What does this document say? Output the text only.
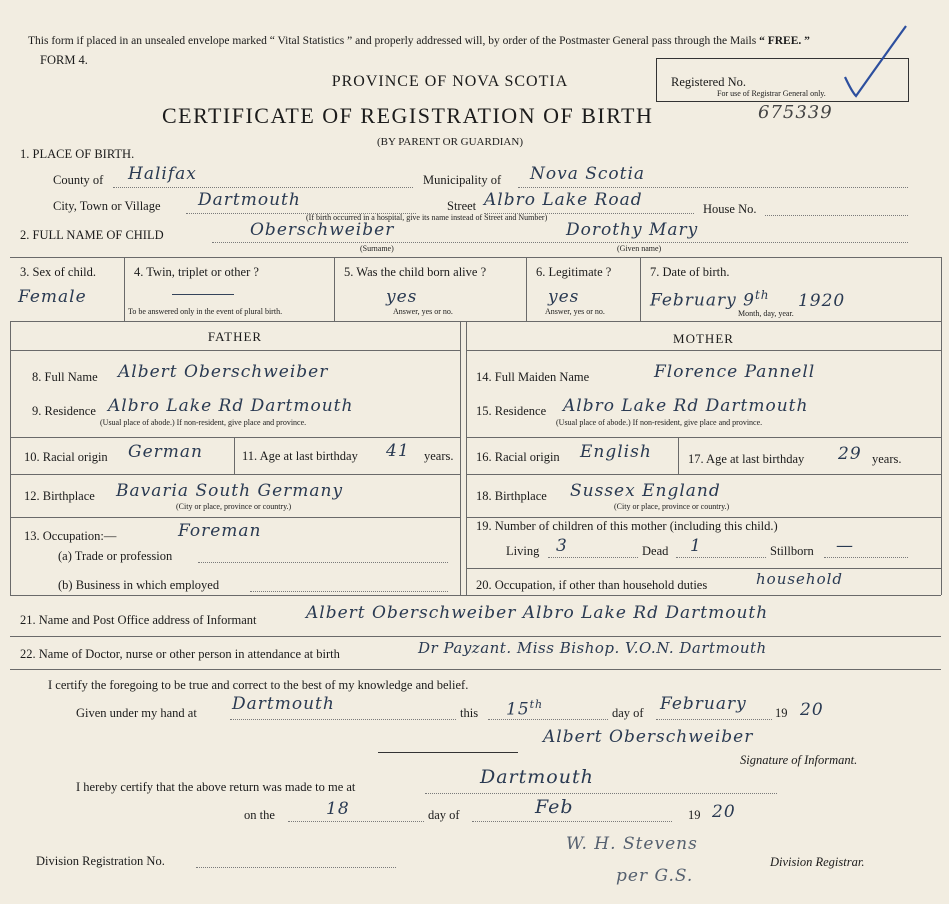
This form if placed in an unsealed envelope marked “ Vital Statistics ” and properly addressed will, by order of the Postmaster General pass through the Mails “ FREE. ”
FORM 4.
PROVINCE OF NOVA SCOTIA
CERTIFICATE OF REGISTRATION OF BIRTH	675339
(BY PARENT OR GUARDIAN)
Registered No.
For use of Registrar General only.
1. PLACE OF BIRTH.
County of Halifax	Municipality of Nova Scotia
City, Town or Village Dartmouth	Street Albro Lake Road	House No.
(If birth occurred in a hospital, give its name instead of Street and Number)
2. FULL NAME OF CHILD	Oberschweiber	Dorothy Mary
(Surname)	(Given name)
3. Sex of child.
Female
4. Twin, triplet or other ?
To be answered only in the event of plural birth.
5. Was the child born alive ?
yes
Answer, yes or no.
6. Legitimate ?
yes
Answer, yes or no.
7. Date of birth.
February 9th 1920
Month, day, year.
FATHER
8. Full Name Albert Oberschweiber
9. Residence Albro Lake Rd Dartmouth
(Usual place of abode.) If non-resident, give place and province.
10. Racial origin German	11. Age at last birthday 41 years.
12. Birthplace Bavaria South Germany
(City or place, province or country.)
13. Occupation:—	Foreman
(a) Trade or profession
(b) Business in which employed
MOTHER
14. Full Maiden Name	Florence Pannell
15. Residence Albro Lake Rd Dartmouth
(Usual place of abode.) If non-resident, give place and province.
16. Racial origin English	17. Age at last birthday 29 years.
18. Birthplace Sussex England
(City or place, province or country.)
19. Number of children of this mother (including this child.)
Living 3	Dead 1	Stillborn —
20. Occupation, if other than household duties	household
21. Name and Post Office address of Informant	Albert Oberschweiber Albro Lake Rd Dartmouth
22. Name of Doctor, nurse or other person in attendance at birth	Dr Payzant. Miss Bishop. V.O.N. Dartmouth
I certify the foregoing to be true and correct to the best of my knowledge and belief.
Given under my hand at Dartmouth	this 15th
day of February 19 20
Albert Oberschweiber
Signature of Informant.
I hereby certify that the above return was made to me at	Dartmouth
on the	18	day of	Feb	19 20
Division Registration No.
W. H. Stevens
Division Registrar.
per G.S.
